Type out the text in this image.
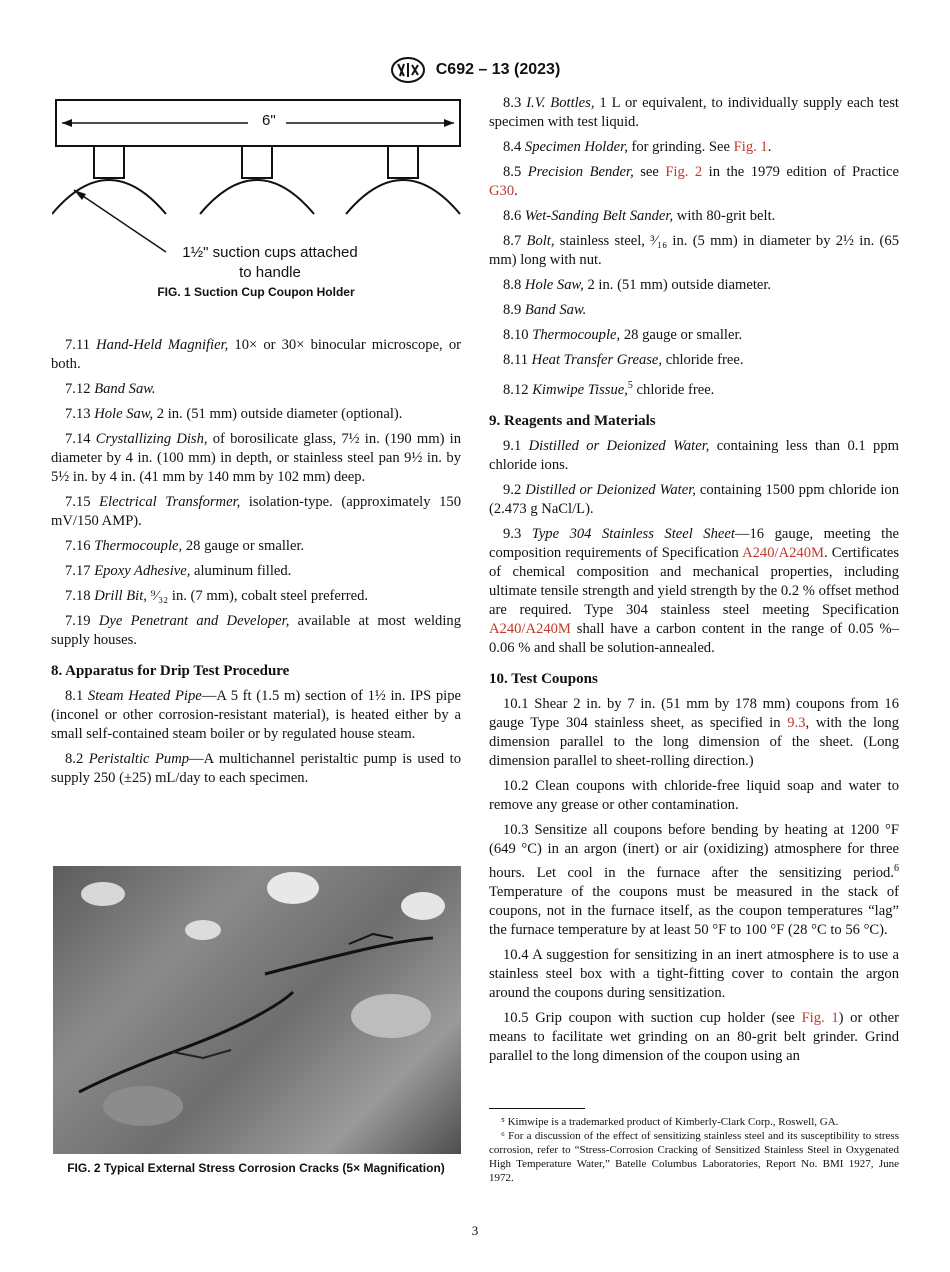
C692 – 13 (2023)
6"
1½" suction cups attached
to handle
FIG. 1 Suction Cup Coupon Holder

7.11 Hand-Held Magnifier, 10× or 30× binocular microscope, or both.

7.12 Band Saw.

7.13 Hole Saw, 2 in. (51 mm) outside diameter (optional).

7.14 Crystallizing Dish, of borosilicate glass, 7½ in. (190 mm) in diameter by 4 in. (100 mm) in depth, or stainless steel pan 9½ in. by 5½ in. by 4 in. (41 mm by 140 mm by 102 mm) deep.

7.15 Electrical Transformer, isolation-type. (approximately 150 mV/150 AMP).

7.16 Thermocouple, 28 gauge or smaller.

7.17 Epoxy Adhesive, aluminum filled.

7.18 Drill Bit, ⁹⁄₃₂ in. (7 mm), cobalt steel preferred.

7.19 Dye Penetrant and Developer, available at most welding supply houses.

8. Apparatus for Drip Test Procedure

8.1 Steam Heated Pipe—A 5 ft (1.5 m) section of 1½ in. IPS pipe (inconel or other corrosion-resistant material), is heated either by a small self-contained steam boiler or by regulated house steam.

8.2 Peristaltic Pump—A multichannel peristaltic pump is used to supply 250 (±25) mL/day to each specimen.

FIG. 2 Typical External Stress Corrosion Cracks (5× Magnification)

8.3 I.V. Bottles, 1 L or equivalent, to individually supply each test specimen with test liquid.

8.4 Specimen Holder, for grinding. See Fig. 1.

8.5 Precision Bender, see Fig. 2 in the 1979 edition of Practice G30.

8.6 Wet-Sanding Belt Sander, with 80-grit belt.

8.7 Bolt, stainless steel, ³⁄₁₆ in. (5 mm) in diameter by 2½ in. (65 mm) long with nut.

8.8 Hole Saw, 2 in. (51 mm) outside diameter.

8.9 Band Saw.

8.10 Thermocouple, 28 gauge or smaller.

8.11 Heat Transfer Grease, chloride free.

8.12 Kimwipe Tissue,$^5$ chloride free.

9. Reagents and Materials

9.1 Distilled or Deionized Water, containing less than 0.1 ppm chloride ions.

9.2 Distilled or Deionized Water, containing 1500 ppm chloride ion (2.473 g NaCl/L).

9.3 Type 304 Stainless Steel Sheet—16 gauge, meeting the composition requirements of Specification A240/A240M. Certificates of chemical composition and mechanical properties, including ultimate tensile strength and yield strength by the 0.2 % offset method are required. Type 304 stainless steel meeting Specification A240/A240M shall have a carbon content in the range of 0.05 %–0.06 % and shall be solution-annealed.

10. Test Coupons

10.1 Shear 2 in. by 7 in. (51 mm by 178 mm) coupons from 16 gauge Type 304 stainless sheet, as specified in 9.3, with the long dimension parallel to the long dimension of the sheet. (Long dimension parallel to sheet-rolling direction.)

10.2 Clean coupons with chloride-free liquid soap and water to remove any grease or other contamination.

10.3 Sensitize all coupons before bending by heating at 1200 °F (649 °C) in an argon (inert) or air (oxidizing) atmosphere for three hours. Let cool in the furnace after the sensitizing period.$^6$ Temperature of the coupons must be measured in the stack of coupons, not in the furnace itself, as the coupon temperatures “lag” the furnace temperature by at least 50 °F to 100 °F (28 °C to 56 °C).

10.4 A suggestion for sensitizing in an inert atmosphere is to use a stainless steel box with a tight-fitting cover to contain the argon around the coupons during sensitization.

10.5 Grip coupon with suction cup holder (see Fig. 1) or other means to facilitate wet grinding on an 80-grit belt grinder. Grind parallel to the long dimension of the coupon using an

⁵ Kimwipe is a trademarked product of Kimberly-Clark Corp., Roswell, GA.

⁶ For a discussion of the effect of sensitizing stainless steel and its susceptibility to stress corrosion, refer to “Stress-Corrosion Cracking of Sensitized Stainless Steel in Oxygenated High Temperature Water,” Batelle Columbus Laboratories, Report No. BMI 1927, June 1972.

3
